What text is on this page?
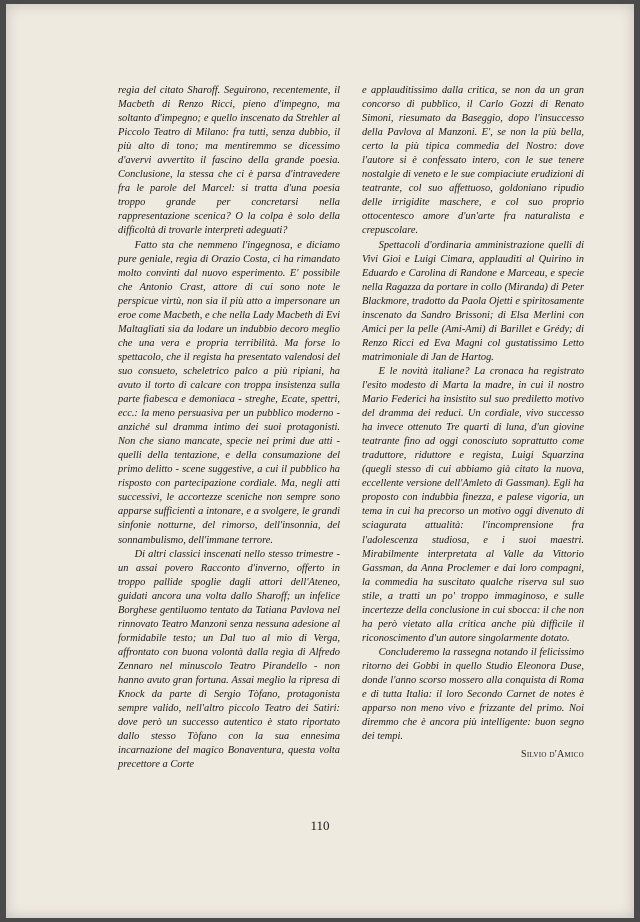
regìa del citato Sharoff. Seguirono, recentemente, il Macbeth di Renzo Ricci, pieno d'impegno, ma soltanto d'impegno; e quello inscenato da Strehler al Piccolo Teatro di Milano: fra tutti, senza dubbio, il più alto di tono; ma mentiremmo se dicessimo d'avervi avvertito il fascino della grande poesia. Conclusione, la stessa che ci è parsa d'intravedere fra le parole del Marcel: si tratta d'una poesia troppo grande per concretarsi nella rappresentazione scenica? O la colpa è solo della difficoltà di trovarle interpreti adeguati?

Fatto sta che nemmeno l'ingegnosa, e diciamo pure geniale, regìa di Orazio Costa, ci ha rimandato molto convinti dal nuovo esperimento. E' possibile che Antonio Crast, attore di cui sono note le perspicue virtù, non sia il più atto a impersonare un eroe come Macbeth, e che nella Lady Macbeth di Evi Maltagliati sia da lodare un indubbio decoro meglio che una vera e propria terribilità. Ma forse lo spettacolo, che il regista ha presentato valendosi del suo consueto, scheletrico palco a più ripiani, ha avuto il torto di calcare con troppa insistenza sulla parte fiabesca e demoniaca - streghe, Ecate, spettri, ecc.: la meno persuasiva per un pubblico moderno - anziché sul dramma intimo dei suoi protagonisti. Non che siano mancate, specie nei primi due atti - quelli della tentazione, e della consumazione del primo delitto - scene suggestive, a cui il pubblico ha risposto con partecipazione cordiale. Ma, negli atti successivi, le accortezze sceniche non sempre sono apparse sufficienti a intonare, e a svolgere, le grandi sinfonie notturne, del rimorso, dell'insonnia, del sonnambulismo, dell'immane terrore.

Di altri classici inscenati nello stesso trimestre - un assai povero Racconto d'inverno, offerto in troppo pallide spoglie dagli attori dell'Ateneo, guidati ancora una volta dallo Sharoff; un infelice Borghese gentiluomo tentato da Tatiana Pavlova nel rinnovato Teatro Manzoni senza nessuna adesione al formidabile testo; un Dal tuo al mio di Verga, affrontato con buona volontà dalla regìa di Alfredo Zennaro nel minuscolo Teatro Pirandello - non hanno avuto gran fortuna. Assai meglio la ripresa di Knock da parte di Sergio Tòfano, protagonista sempre valido, nell'altro piccolo Teatro dei Satiri: dove però un successo autentico è stato riportato dallo stesso Tòfano con la sua ennesima incarnazione del magico Bonaventura, questa volta precettore a Corte

e applauditissimo dalla critica, se non da un gran concorso di pubblico, il Carlo Gozzi di Renato Simoni, riesumato da Baseggio, dopo l'insuccesso della Pavlova al Manzoni. E', se non la più bella, certo la più tipica commedia del Nostro: dove l'autore si è confessato intero, con le sue tenere nostalgie di veneto e le sue compiaciute erudizioni di teatrante, col suo affettuoso, goldoniano ripudio delle irrigidite maschere, e col suo proprio ottocentesco amore d'un'arte fra naturalista e crepuscolare.

Spettacoli d'ordinaria amministrazione quelli di Vivi Gioi e Luigi Cimara, applauditi al Quirino in Eduardo e Carolina di Randone e Marceau, e specie nella Ragazza da portare in collo (Miranda) di Peter Blackmore, tradotto da Paola Ojetti e spiritosamente inscenato da Sandro Brissoni; di Elsa Merlini con Amici per la pelle (Ami-Ami) di Barillet e Grédy; di Renzo Ricci ed Eva Magni col gustatissimo Letto matrimoniale di Jan de Hartog.

E le novità italiane? La cronaca ha registrato l'esito modesto di Marta la madre, in cui il nostro Mario Federici ha insistito sul suo prediletto motivo del dramma dei reduci. Un cordiale, vivo successo ha invece ottenuto Tre quarti di luna, d'un giovine teatrante fino ad oggi conosciuto soprattutto come traduttore, riduttore e regista, Luigi Squarzina (quegli stesso di cui abbiamo già citato la nuova, eccellente versione dell'Amleto di Gassman). Egli ha proposto con indubbia finezza, e palese vigoria, un tema in cui ha precorso un motivo oggi divenuto di sciagurata attualità: l'incomprensione fra l'adolescenza studiosa, e i suoi maestri. Mirabilmente interpretata al Valle da Vittorio Gassman, da Anna Proclemer e dai loro compagni, la commedia ha suscitato qualche riserva sul suo stile, a tratti un po' troppo immaginoso, e sulle incertezze della conclusione in cui sbocca: il che non ha però vietato alla critica anche più difficile il riconoscimento d'un autore singolarmente dotato.

Concluderemo la rassegna notando il felicissimo ritorno dei Gobbi in quello Studio Eleonora Duse, donde l'anno scorso mossero alla conquista di Roma e di tutta Italia: il loro Secondo Carnet de notes è apparso non meno vivo e frizzante del primo. Noi diremmo che è ancora più intelligente: buon segno dei tempi.

Silvio d'Amico
110
